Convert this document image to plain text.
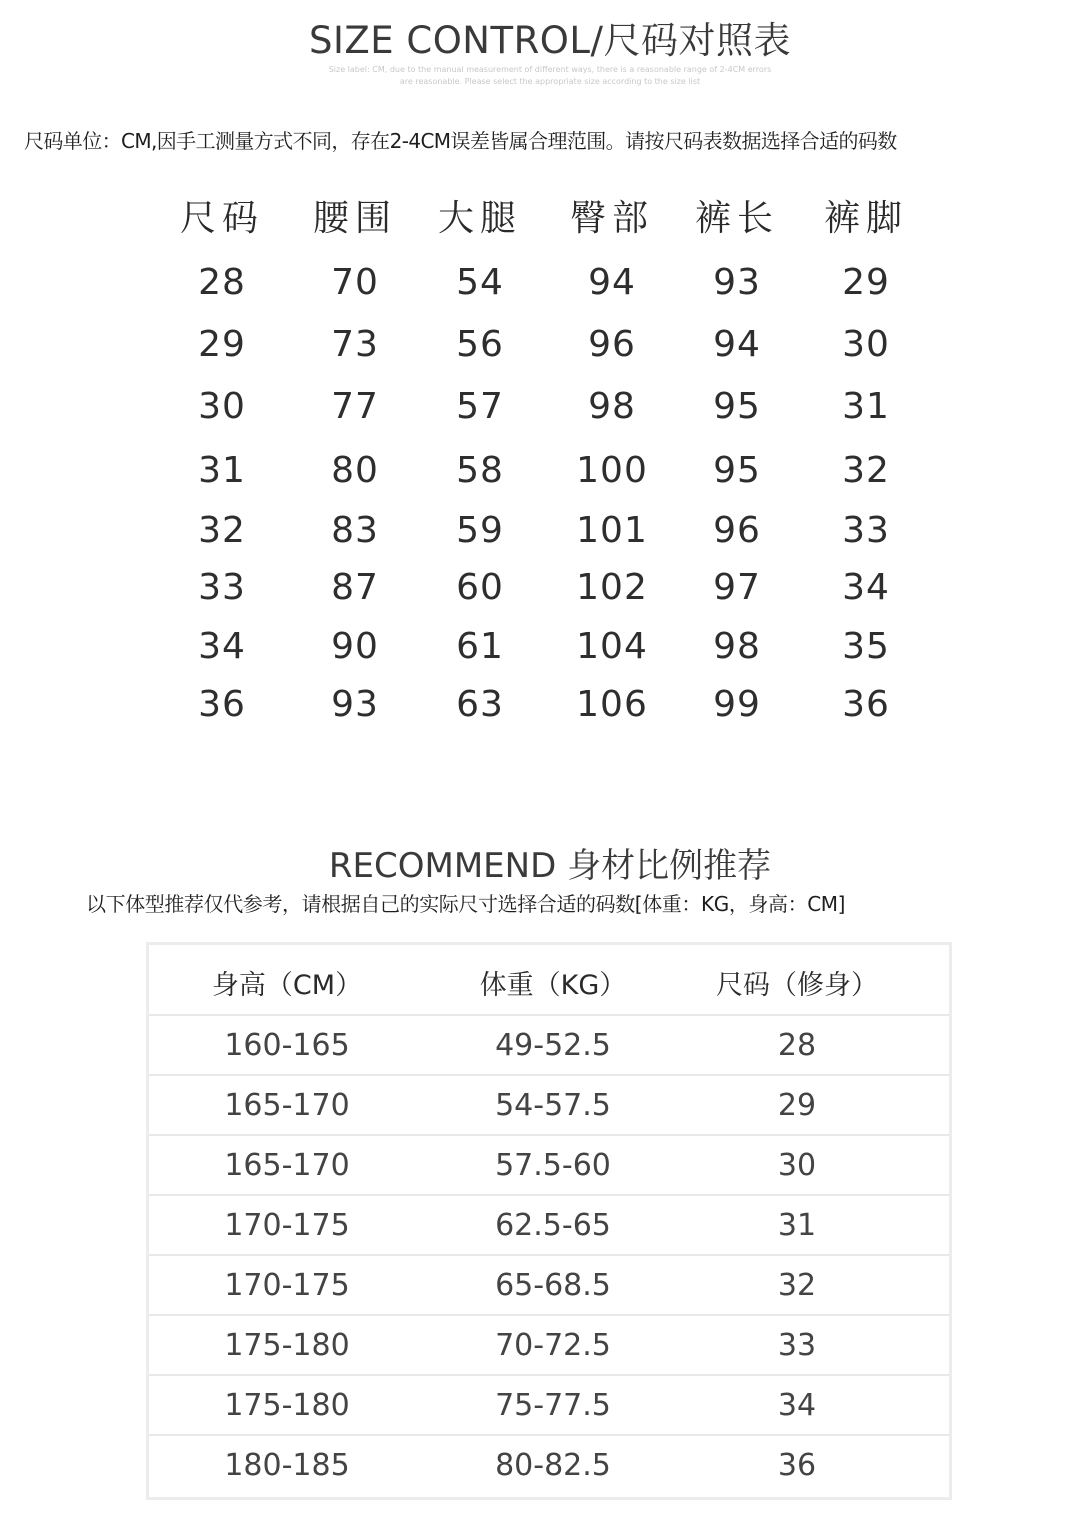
SIZE CONTROL/尺码对照表
Size label: CM, due to the manual measurement of different ways, there is a reasonable range of 2-4CM errors
are reasonable. Please select the appropriate size according to the size list
尺码单位：CM,因手工测量方式不同，存在2-4CM误差皆属合理范围。请按尺码表数据选择合适的码数
尺码	腰围	大腿	臀部	裤长	裤脚
28	70	54	94	93	29
29	73	56	96	94	30
30	77	57	98	95	31
31	80	58	100	95	32
32	83	59	101	96	33
33	87	60	102	97	34
34	90	61	104	98	35
36	93	63	106	99	36
RECOMMEND 身材比例推荐
以下体型推荐仅代参考，请根据自己的实际尺寸选择合适的码数[体重：KG，身高：CM]
身高（CM）	体重（KG）	尺码（修身）
160-165	49-52.5	28
165-170	54-57.5	29
165-170	57.5-60	30
170-175	62.5-65	31
170-175	65-68.5	32
175-180	70-72.5	33
175-180	75-77.5	34
180-185	80-82.5	36
